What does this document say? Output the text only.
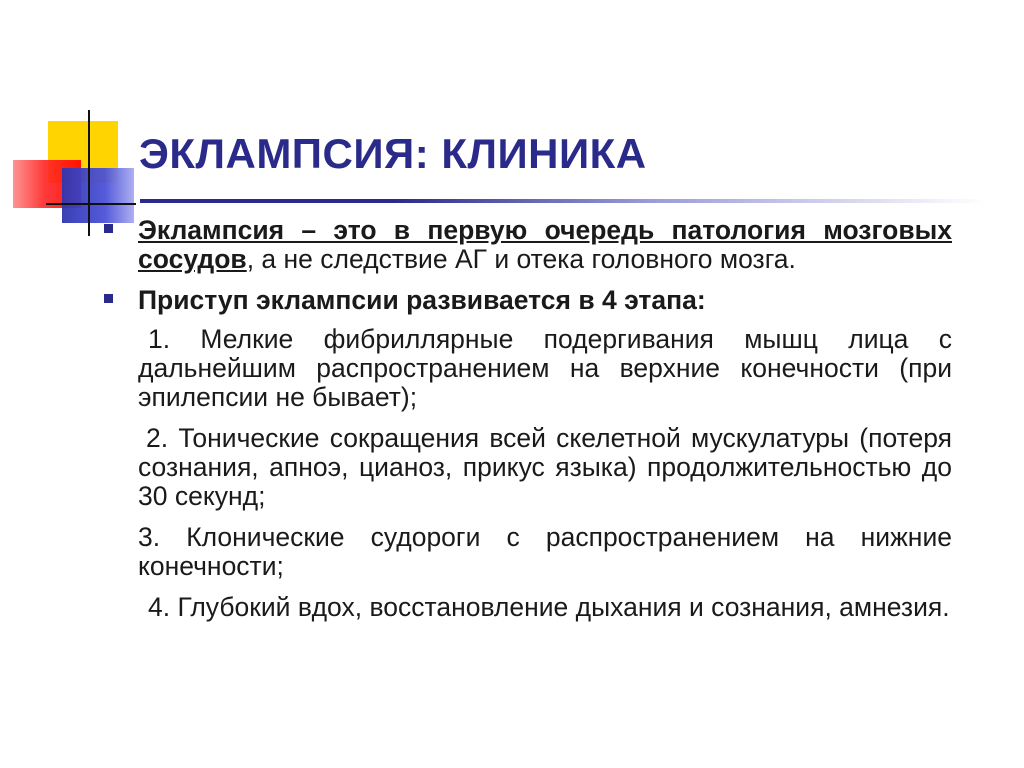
ЭКЛАМПСИЯ: КЛИНИКА
Эклампсия – это в первую очередь патология мозговых сосудов, а не следствие АГ и отека головного мозга.
Приступ эклампсии развивается в 4 этапа:
1. Мелкие фибриллярные подергивания мышц лица с дальнейшим распространением на верхние конечности (при эпилепсии не бывает);
2. Тонические сокращения всей скелетной мускулатуры (потеря сознания, апноэ, цианоз, прикус языка) продолжительностью до 30 секунд;
3. Клонические судороги с распространением на нижние конечности;
4. Глубокий вдох, восстановление дыхания и сознания, амнезия.
